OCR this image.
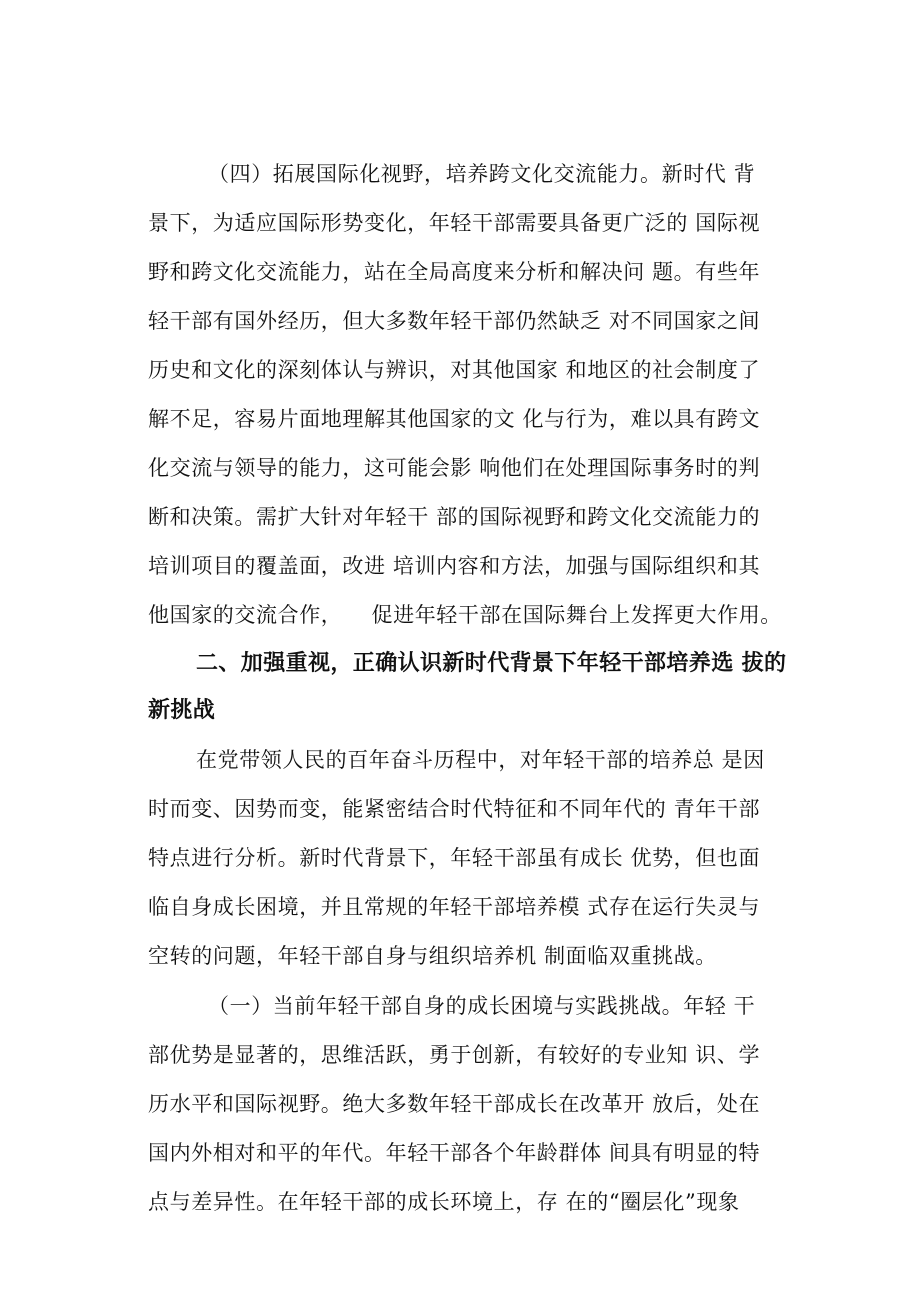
（四）拓展国际化视野，培养跨文化交流能力。新时代 背
景下，为适应国际形势变化，年轻干部需要具备更广泛的 国际视
野和跨文化交流能力，站在全局高度来分析和解决问 题。有些年
轻干部有国外经历，但大多数年轻干部仍然缺乏 对不同国家之间
历史和文化的深刻体认与辨识，对其他国家 和地区的社会制度了
解不足，容易片面地理解其他国家的文 化与行为，难以具有跨文
化交流与领导的能力，这可能会影 响他们在处理国际事务时的判
断和决策。需扩大针对年轻干 部的国际视野和跨文化交流能力的
培训项目的覆盖面，改进 培训内容和方法，加强与国际组织和其
他国家的交流合作，    促进年轻干部在国际舞台上发挥更大作用。
二、加强重视，正确认识新时代背景下年轻干部培养选 拔的
新挑战
在党带领人民的百年奋斗历程中，对年轻干部的培养总 是因
时而变、因势而变，能紧密结合时代特征和不同年代的 青年干部
特点进行分析。新时代背景下，年轻干部虽有成长 优势，但也面
临自身成长困境，并且常规的年轻干部培养模 式存在运行失灵与
空转的问题，年轻干部自身与组织培养机 制面临双重挑战。
（一）当前年轻干部自身的成长困境与实践挑战。年轻 干
部优势是显著的，思维活跃，勇于创新，有较好的专业知 识、学
历水平和国际视野。绝大多数年轻干部成长在改革开 放后，处在
国内外相对和平的年代。年轻干部各个年龄群体 间具有明显的特
点与差异性。在年轻干部的成长环境上，存 在的“圈层化”现象
